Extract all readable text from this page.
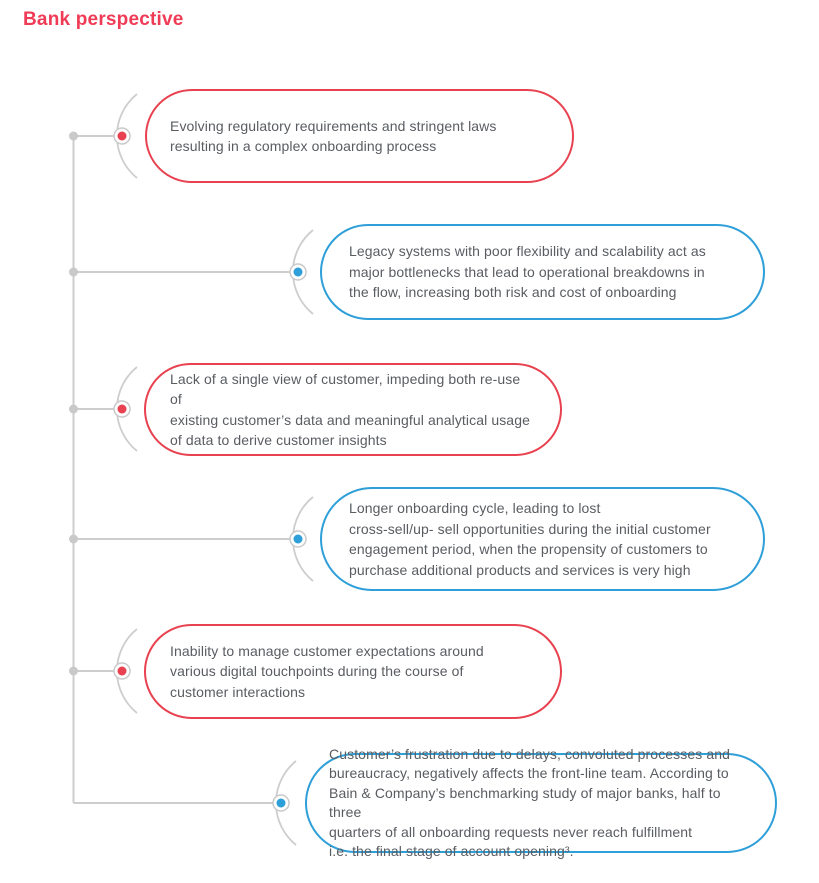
Bank perspective
Evolving regulatory requirements and stringent laws
resulting in a complex onboarding process
Legacy systems with poor flexibility and scalability act as
major bottlenecks that lead to operational breakdowns in
the flow, increasing both risk and cost of onboarding
Lack of a single view of customer, impeding both re-use of
existing customer’s data and meaningful analytical usage
of data to derive customer insights
Longer onboarding cycle, leading to lost
cross-sell/up- sell opportunities during the initial customer
engagement period, when the propensity of customers to
purchase additional products and services is very high
Inability to manage customer expectations around
various digital touchpoints during the course of
customer interactions
Customer’s frustration due to delays, convoluted processes and
bureaucracy, negatively affects the front-line team. According to
Bain & Company’s benchmarking study of major banks, half to three
quarters of all onboarding requests never reach fulfillment
i.e. the final stage of account opening³.
